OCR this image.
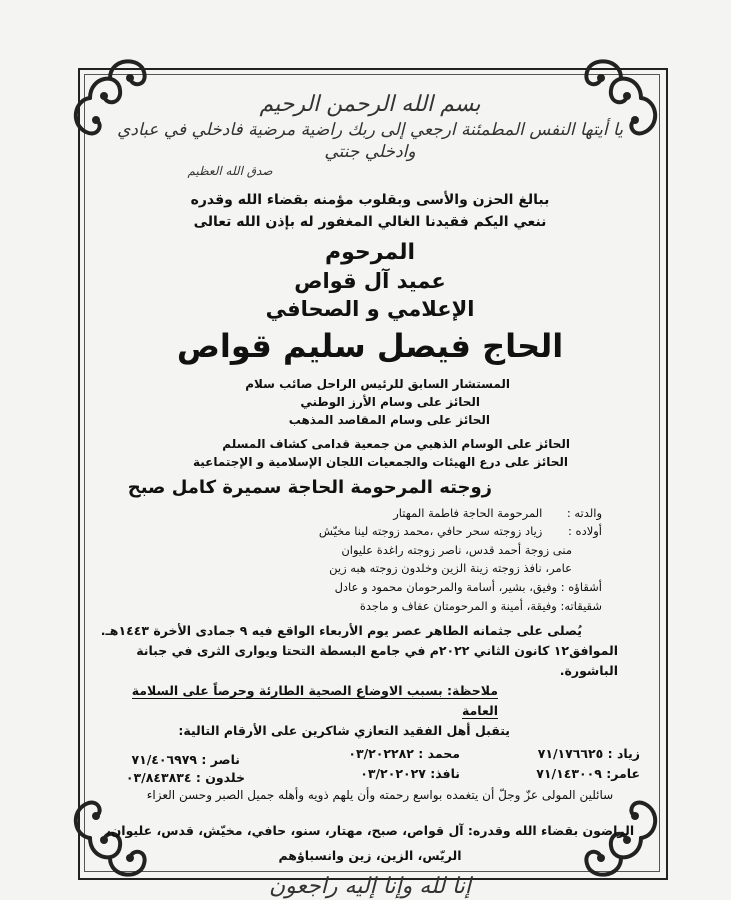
بسم الله الرحمن الرحيم
يا أيتها النفس المطمئنة ارجعي إلى ربك راضية مرضية فادخلي في عبادي وادخلي جنتي
صدق الله العظيم
ببالغ الحزن والأسى وبقلوب مؤمنه بقضاء الله وقدره
ننعي اليكم فقيدنا الغالي المغفور له بإذن الله تعالى
المرحوم
عميد آل قواص
الإعلامي و الصحافي
الحاج فيصل سليم قواص
المستشار السابق للرئيس الراحل صائب سلام
الحائز على وسام الأرز الوطني
الحائز على وسام المقاصد المذهب
الحائز على الوسام الذهبي من جمعية قدامى كشاف المسلم
الحائز على درع الهيئات والجمعيات اللجان الإسلامية و الإجتماعية
زوجته المرحومة الحاجة سميرة كامل صبح
والدته : المرحومة الحاجة فاطمة المهتار
أولاده : زياد زوجته سحر حافي ،محمد زوجته لينا مخيّش
منى زوجة أحمد قدس، ناصر زوجته راغدة عليوان
عامر، نافذ زوجته زينة الزين وخلدون زوجته هبه زين
أشقاؤه : وفيق، بشير، أسامة والمرحومان محمود و عادل
شقيقاته: وفيقة، أمينة و المرحومتان عفاف و ماجدة
يُصلى على جثمانه الطاهر عصر يوم الأربعاء الواقع فيه ٩ جمادى الأخرة ١٤٤٣هـ.
الموافق١٢ كانون الثاني ٢٠٢٢م في جامع البسطة التحتا ويوارى الثرى في جبانة الباشورة.
ملاحظة: بسبب الاوضاع الصحية الطارئة وحرصاً على السلامة العامة
يتقبل أهل الفقيد التعازي شاكرين على الأرقام التالية:
زياد : ٧١/١٧٦٦٢٥
محمد : ٠٣/٢٠٢٢٨٢
ناصر : ٧١/٤٠٦٩٧٩
عامر: ٧١/١٤٣٠٠٩
نافذ: ٠٣/٢٠٢٠٢٧
خلدون : ٠٣/٨٤٣٨٣٤
سائلين المولى عزّ وجلّ أن يتغمده بواسع رحمته وأن يلهم ذويه وأهله جميل الصبر وحسن العزاء
الراضون بقضاء الله وقدره: آل قواص، صبح، مهتار، سنو، حافي، مخيّش، قدس، عليوان،
الريّس، الزين، زين وانسباؤهم
إنا لله وإنا إليه راجعون
